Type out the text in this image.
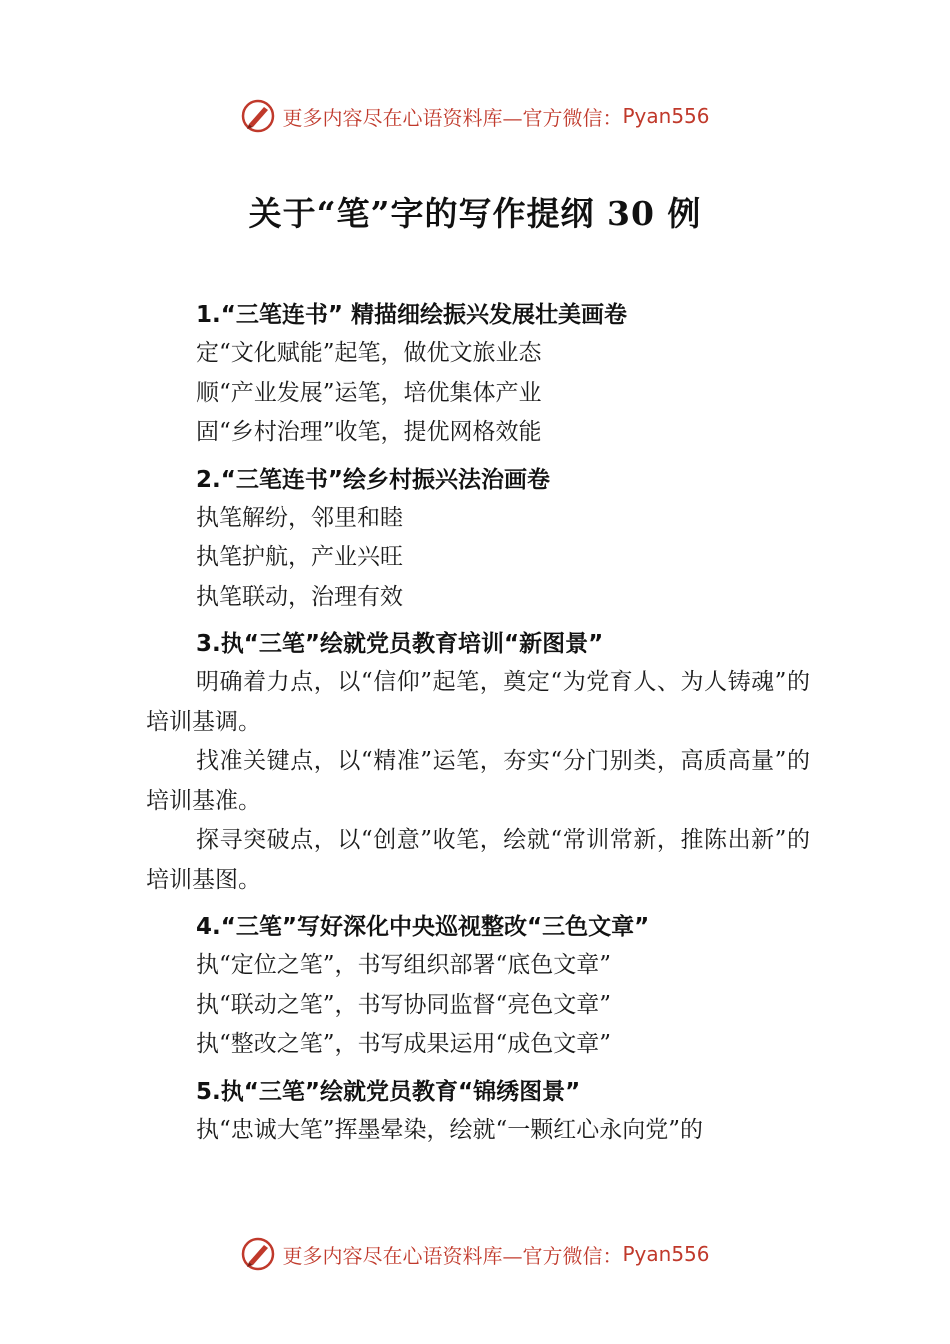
更多内容尽在心语资料库—官方微信： Pyan556
关于“笔”字的写作提纲 30 例
1.“三笔连书” 精描细绘振兴发展壮美画卷
定“文化赋能”起笔，做优文旅业态
顺“产业发展”运笔，培优集体产业
固“乡村治理”收笔，提优网格效能
2.“三笔连书”绘乡村振兴法治画卷
执笔解纷，邻里和睦
执笔护航，产业兴旺
执笔联动，治理有效
3.执“三笔”绘就党员教育培训“新图景”
明确着力点，以“信仰”起笔，奠定“为党育人、为人铸魂”的培训基调。
找准关键点，以“精准”运笔，夯实“分门别类，高质高量”的培训基准。
探寻突破点，以“创意”收笔，绘就“常训常新，推陈出新”的培训基图。
4.“三笔”写好深化中央巡视整改“三色文章”
执“定位之笔”，书写组织部署“底色文章”
执“联动之笔”，书写协同监督“亮色文章”
执“整改之笔”，书写成果运用“成色文章”
5.执“三笔”绘就党员教育“锦绣图景”
执“忠诚大笔”挥墨晕染，绘就“一颗红心永向党”的
更多内容尽在心语资料库—官方微信： Pyan556
